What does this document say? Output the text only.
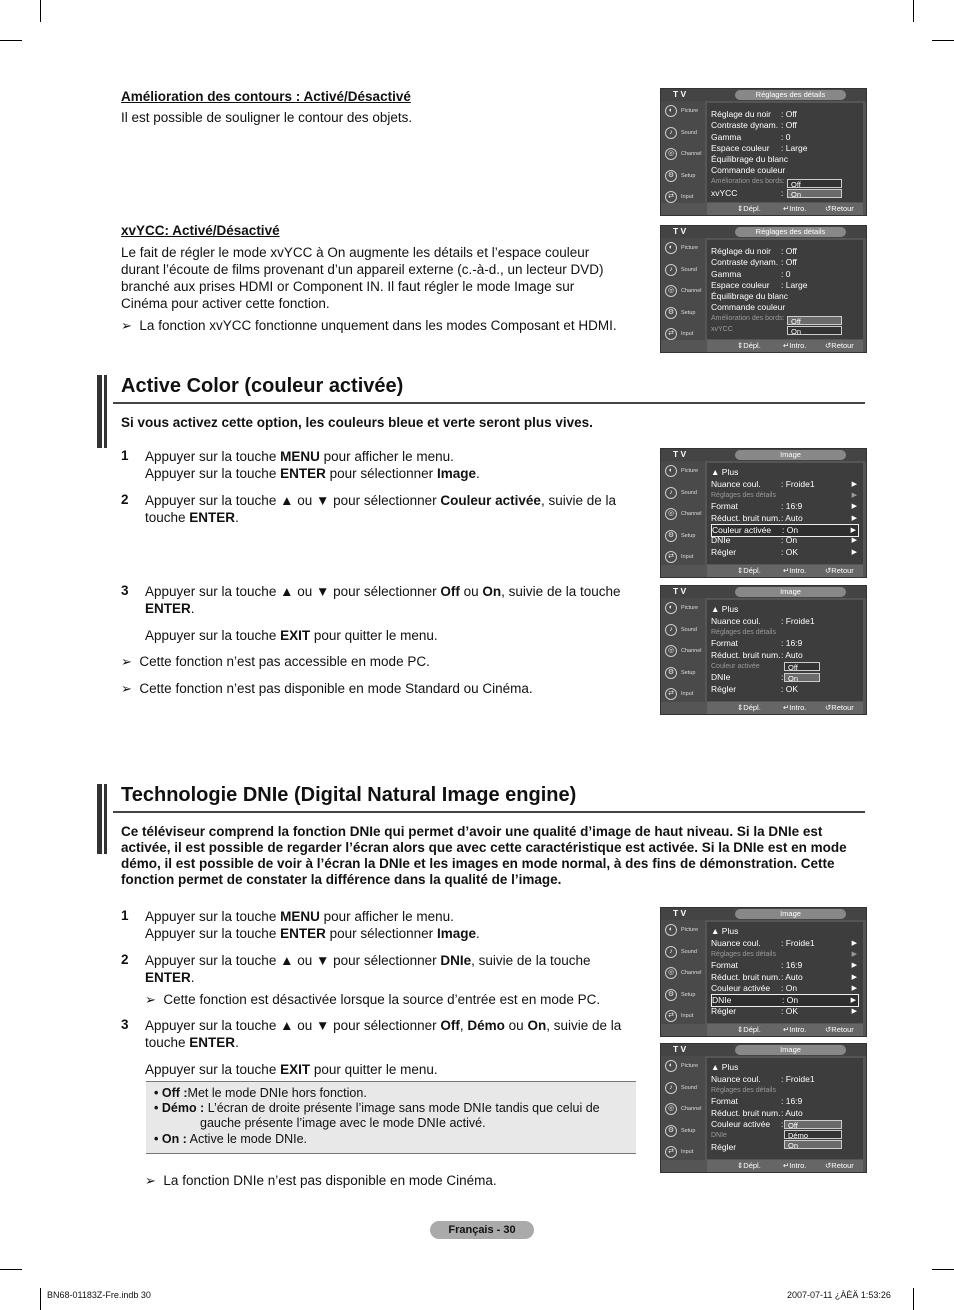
Amélioration des contours : Activé/Désactivé
Il est possible de souligner le contour des objets.
xvYCC: Activé/Désactivé
Le fait de régler le mode xvYCC à On augmente les détails et l’espace couleur
durant l’écoute de films provenant d’un appareil externe (c.-à-d., un lecteur DVD)
branché aux prises HDMI or Component IN. Il faut régler le mode Image sur
Cinéma pour activer cette fonction.
➢ La fonction xvYCC fonctionne unquement dans les modes Composant et HDMI.
Active Color (couleur activée)
Si vous activez cette option, les couleurs bleue et verte seront plus vives.
1 Appuyer sur la touche MENU pour afficher le menu.
Appuyer sur la touche ENTER pour sélectionner Image.
2 Appuyer sur la touche ▲ ou ▼ pour sélectionner Couleur activée, suivie de la
touche ENTER.
3 Appuyer sur la touche ▲ ou ▼ pour sélectionner Off ou On, suivie de la touche
ENTER.
Appuyer sur la touche EXIT pour quitter le menu.
➢ Cette fonction n’est pas accessible en mode PC.
➢ Cette fonction n’est pas disponible en mode Standard ou Cinéma.
Technologie DNIe (Digital Natural Image engine)
Ce téléviseur comprend la fonction DNIe qui permet d’avoir une qualité d’image de haut niveau. Si la DNIe est
activée, il est possible de regarder l’écran alors que avec cette caractéristique est activée. Si la DNIe est en mode
démo, il est possible de voir à l’écran la DNIe et les images en mode normal, à des fins de démonstration. Cette
fonction permet de constater la différence dans la qualité de l’image.
1 Appuyer sur la touche MENU pour afficher le menu.
Appuyer sur la touche ENTER pour sélectionner Image.
2 Appuyer sur la touche ▲ ou ▼ pour sélectionner DNIe, suivie de la touche
ENTER.
➢ Cette fonction est désactivée lorsque la source d’entrée est en mode PC.
3 Appuyer sur la touche ▲ ou ▼ pour sélectionner Off, Démo ou On, suivie de la
touche ENTER.
Appuyer sur la touche EXIT pour quitter le menu.
• Off :Met le mode DNIe hors fonction.
• Démo : L’écran de droite présente l’image sans mode DNIe tandis que celui de
gauche présente l’image avec le mode DNIe activé.
• On : Active le mode DNIe.
➢ La fonction DNIe n’est pas disponible en mode Cinéma.
T V	Réglages des détails
◐	Picture
♪	Sound
◎	Channel
⚙	Setup
⇄	Input
Réglage du noir : Off
Contraste dynam. : Off
Gamma	: 0
Espace couleur : Large
Équilibrage du blanc
Commande couleur
Amélioration des bords:
xvYCC	:
Off
On
⇕ Dépl.	↵ Intro. ↺ Retour
T V	Réglages des détails
◐	Picture
♪	Sound
◎	Channel
⚙	Setup
⇄	Input
Réglage du noir : Off
Contraste dynam. : Off
Gamma	: 0
Espace couleur : Large
Équilibrage du blanc
Commande couleur
Amélioration des bords:
xvYCC
Off
On
⇕ Dépl.	↵ Intro. ↺ Retour
T V	Image
◐	Picture
♪	Sound
◎	Channel
⚙	Setup
⇄	Input
▲ Plus
Nuance coul. : Froide1	▶
Réglages des détails	▶
Format	: 16:9	▶
Réduct. bruit num. : Auto	▶
Couleur activée : On	▶
DNIe	: On	▶
Régler	: OK	▶
⇕ Dépl.	↵ Intro. ↺ Retour
T V	Image
◐	Picture
♪	Sound
◎	Channel
⚙	Setup
⇄	Input
▲ Plus
Nuance coul. : Froide1
Réglages des détails
Format	: 16:9
Réduct. bruit num. : Auto
Couleur activée
DNIe	:
Régler	: OK
Off
On
⇕ Dépl.	↵ Intro. ↺ Retour
T V	Image
◐	Picture
♪	Sound
◎	Channel
⚙	Setup
⇄	Input
▲ Plus
Nuance coul. : Froide1	▶
Réglages des détails	▶
Format	: 16:9	▶
Réduct. bruit num. : Auto	▶
Couleur activée : On	▶
DNIe	: On	▶
Régler	: OK	▶
⇕ Dépl.	↵ Intro. ↺ Retour
T V	Image
◐	Picture
♪	Sound
◎	Channel
⚙	Setup
⇄	Input
▲ Plus
Nuance coul. : Froide1
Réglages des détails
Format	: 16:9
Réduct. bruit num. : Auto
Couleur activée :
DNIe
Régler
Off
Démo
On
⇕ Dépl.	↵ Intro. ↺ Retour
Français - 30
BN68-01183Z-Fre.indb 30	2007-07-11 ¿ÀÈÄ 1:53:26
